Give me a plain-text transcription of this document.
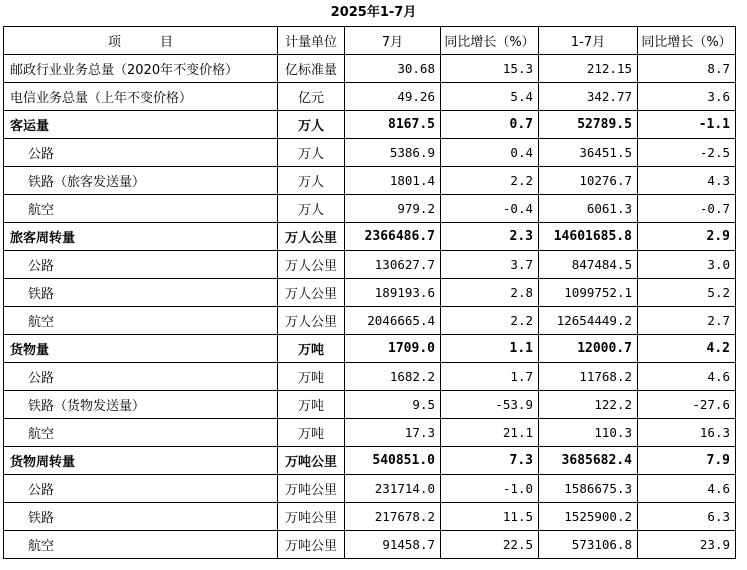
2025年1-7月
项　　　目	计量单位	7月	同比增长（%）	1-7月	同比增长（%）
邮政行业业务总量（2020年不变价格）	亿标准量	30.68	15.3	212.15	8.7
电信业务总量（上年不变价格）	亿元	49.26	5.4	342.77	3.6
客运量	万人	8167.5	0.7	52789.5	-1.1
公路	万人	5386.9	0.4	36451.5	-2.5
铁路（旅客发送量）	万人	1801.4	2.2	10276.7	4.3
航空	万人	979.2	-0.4	6061.3	-0.7
旅客周转量	万人公里	2366486.7	2.3	14601685.8	2.9
公路	万人公里	130627.7	3.7	847484.5	3.0
铁路	万人公里	189193.6	2.8	1099752.1	5.2
航空	万人公里	2046665.4	2.2	12654449.2	2.7
货物量	万吨	1709.0	1.1	12000.7	4.2
公路	万吨	1682.2	1.7	11768.2	4.6
铁路（货物发送量）	万吨	9.5	-53.9	122.2	-27.6
航空	万吨	17.3	21.1	110.3	16.3
货物周转量	万吨公里	540851.0	7.3	3685682.4	7.9
公路	万吨公里	231714.0	-1.0	1586675.3	4.6
铁路	万吨公里	217678.2	11.5	1525900.2	6.3
航空	万吨公里	91458.7	22.5	573106.8	23.9
